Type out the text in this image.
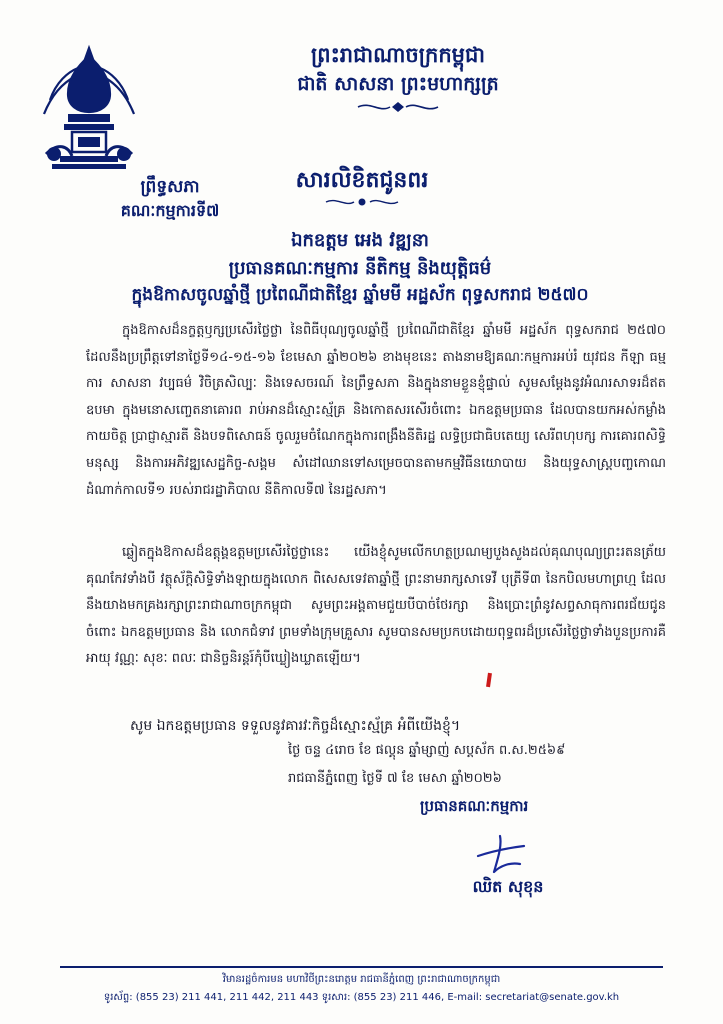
ព្រឹទ្ធសភា
គណៈកម្មការទី៧
ព្រះរាជាណាចក្រកម្ពុជា
ជាតិ សាសនា ព្រះមហាក្សត្រ
សារលិខិតជូនពរ
ឯកឧត្តម អេង វឌ្ឍនា
ប្រធានគណៈកម្មការ នីតិកម្ម និងយុត្តិធម៌
ក្នុងឱកាសចូលឆ្នាំថ្មី ប្រពៃណីជាតិខ្មែរ ឆ្នាំមមី អដ្ឋស័ក ពុទ្ធសករាជ ២៥៧០
ក្នុងឱកាសដ៏នក្ខត្តឫក្សប្រសើរថ្លៃថ្លា នៃពិធីបុណ្យចូលឆ្នាំថ្មី ប្រពៃណីជាតិខ្មែរ ឆ្នាំមមី អដ្ឋស័ក ពុទ្ធសករាជ ២៥៧០ ដែលនឹងប្រព្រឹត្តទៅនាថ្ងៃទី១៤-១៥-១៦ ខែមេសា ឆ្នាំ២០២៦ ខាងមុខនេះ តាងនាមឱ្យគណៈកម្មការអប់រំ យុវជន កីឡា ធម្មការ សាសនា វប្បធម៌ វិចិត្រសិល្បៈ និងទេសចរណ៍ នៃព្រឹទ្ធសភា និងក្នុងនាមខ្លួនខ្ញុំផ្ទាល់ សូមសម្ដែងនូវអំណរសាទរដ៏ឥតឧបមា ក្នុងមនោសញ្ចេតនាគោរព រាប់អានដ៏ស្មោះស្ម័គ្រ និងកោតសរសើរចំពោះ ឯកឧត្តមប្រធាន ដែលបានយកអស់កម្លាំងកាយចិត្ត ប្រាជ្ញាស្មារតី និងបទពិសោធន៍ ចូលរួមចំណែកក្នុងការពង្រឹងនីតិរដ្ឋ លទ្ធិប្រជាធិបតេយ្យ សេរីពហុបក្ស ការគោរពសិទ្ធិមនុស្ស និងការអភិវឌ្ឍសេដ្ឋកិច្ច-សង្គម សំដៅឈានទៅសម្រេចបានតាមកម្មវិធីនយោបាយ និងយុទ្ធសាស្ត្របញ្ចកោណ ដំណាក់កាលទី១ របស់រាជរដ្ឋាភិបាល នីតិកាលទី៧ នៃរដ្ឋសភា។
ឆ្លៀតក្នុងឱកាសដ៏ឧត្ដុង្គឧត្ដមប្រសើរថ្លៃថ្លានេះ យើងខ្ញុំសូមលើកហត្ថប្រណម្យបួងសួងដល់គុណបុណ្យព្រះរតនត្រ័យគុណកែវទាំងបី វត្ថុស័ក្តិសិទ្ធិទាំងឡាយក្នុងលោក ពិសេសទេវតាឆ្នាំថ្មី ព្រះនាមរាក្សសាទេវី បុត្រីទី៣ នៃកបិលមហាព្រហ្ម ដែលនឹងយាងមកគ្រងរក្សាព្រះរាជាណាចក្រកម្ពុជា សូមព្រះអង្គតាមជួយបីបាច់ថែរក្សា និងប្រោះព្រំនូវសព្វសាធុការពរជ័យជូនចំពោះ ឯកឧត្តមប្រធាន និង លោកជំទាវ ព្រមទាំងក្រុមគ្រួសារ សូមបានសមប្រកបដោយពុទ្ធពរដ៏ប្រសើរថ្លៃថ្លាទាំងបួនប្រការគឺអាយុ វណ្ណៈ សុខៈ ពលៈ ជានិច្ចនិរន្តរ៍កុំបីឃ្លៀងឃ្លាតឡើយ។
សូម ឯកឧត្តមប្រធាន ទទួលនូវគារវៈកិច្ចដ៏ស្មោះស្ម័គ្រ អំពីយើងខ្ញុំ។
ថ្ងៃ ចន្ទ ៤រោច ខែ ផល្គុន ឆ្នាំម្សាញ់ សប្ដស័ក ព.ស.២៥៦៩
រាជធានីភ្នំពេញ ថ្ងៃទី ៧ ខែ មេសា ឆ្នាំ២០២៦
ប្រធានគណៈកម្មការ
ឈិត សុខុន
វិមានរដ្ឋចំការមន មហាវិថីព្រះនរោត្តម រាជធានីភ្នំពេញ ព្រះរាជាណាចក្រកម្ពុជា
ទូរស័ព្ទ: (855 23) 211 441, 211 442, 211 443 ទូរសារ: (855 23) 211 446, E-mail: secretariat@senate.gov.kh
